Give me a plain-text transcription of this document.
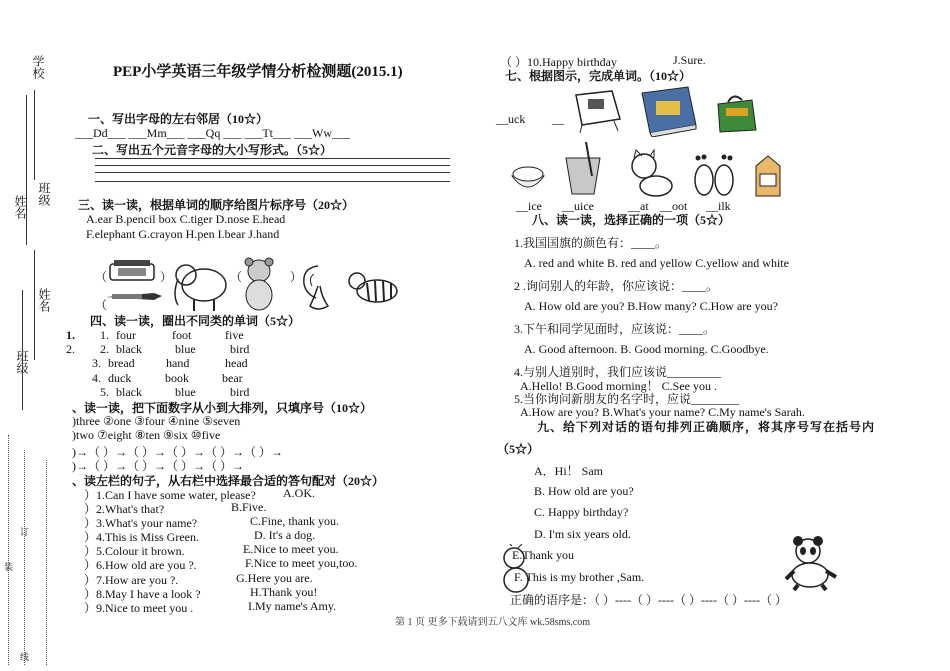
学校
姓名
班级
姓名
班级
装
订
线
PEP小学英语三年级学情分析检测题(2015.1)
一、写出字母的左右邻居（10☆）
___Dd___ ___Mm___ ___Qq ___ ___Tt___ ___Ww___
二、写出五个元音字母的大小写形式。（5☆）
三、读一读，根据单词的顺序给图片标序号（20☆）
A.ear B.pencil box C.tiger D.nose E.head
F.elephant G.crayon H.pen I.bear J.hand
（	）	（	）
（
四、读一读，圈出不同类的单词（5☆）
1. 1. four	foot	five
2. 2. black	blue	bird
3. bread	hand	head
4. duck	book	bear
5. black	blue	bird
、读一读，把下面数字从小到大排列，只填序号（10☆）
)three ②one ③four ④nine ⑤seven
)two ⑦eight ⑧ten ⑨six ⑩five
)→（ ）→（ ）→（ ）→（ ）→（ ）→
)→（ ）→（ ）→（ ）→（ ）→
、读左栏的句子，从右栏中选择最合适的答句配对（20☆）
）1.Can I have some water, please? A.OK.
）2.What's that?	B.Five.
）3.What's your name?	C.Fine, thank you.
）4.This is Miss Green.	D. It's a dog.
）5.Colour it brown.	E.Nice to meet you.
）6.How old are you ?.	F.Nice to meet you,too.
）7.How are you ?.	G.Here you are.
）8.May I have a look ?	H.Thank you!
）9.Nice to meet you .	I.My name's Amy.
（ ）10.Happy birthday	J.Sure.
七、根据图示，完成单词。（10☆）
__uck __
__ice __uice	__at __oot __ilk
八、读一读，选择正确的一项（5☆）
1.我国国旗的颜色有：____。
A. red and white B. red and yellow C.yellow and white
2 .询问别人的年龄，你应该说：____。
A. How old are you? B.How many? C.How are you?
3.下午和同学见面时，应该说：____。
A. Good afternoon. B. Good morning. C.Goodbye.
4.与别人道别时，我们应该说_________
A.Hello! B.Good morning！ C.See you .
5.当你询问新朋友的名字时，应说________
A.How are you? B.What's your name? C.My name's Sarah.
九、给下列对话的语句排列正确顺序，将其序号写在括号内
（5☆）
A．Hi！ Sam
B. How old are you?
C. Happy birthday?
D. I'm six years old.
E.Thank you
F. This is my brother ,Sam.
正确的语序是：（ ）----（ ）----（ ）----（ ）----（ ）
第 1 页 更多下载请到五八文库 wk.58sms.com
